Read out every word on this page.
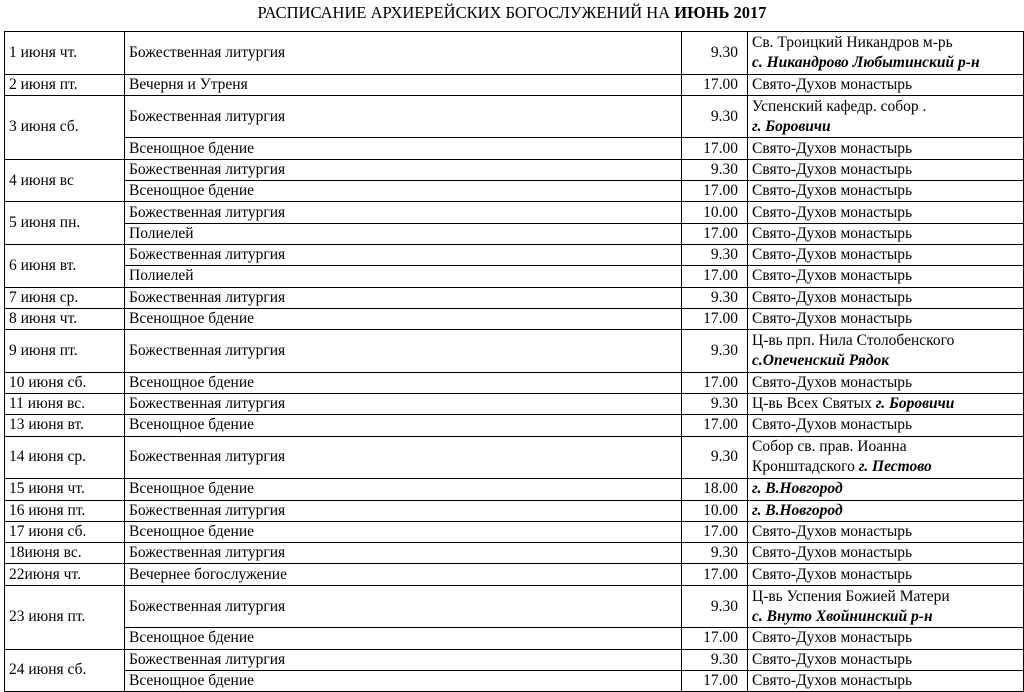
РАСПИСАНИЕ АРХИЕРЕЙСКИХ БОГОСЛУЖЕНИЙ НА ИЮНЬ 2017
1 июня чт.	Божественная литургия	9.30	Св. Троицкий Никандров м-рь
с. Никандрово Любытинский р-н

2 июня пт.	Вечерня и Утреня	17.00	Свято-Духов монастырь

3 июня сб.	Божественная литургия	9.30	Успенский кафедр. собор .
г. Боровичи

	Всенощное бдение	17.00	Свято-Духов монастырь

4 июня вс	Божественная литургия	9.30	Свято-Духов монастырь

	Всенощное бдение	17.00	Свято-Духов монастырь

5 июня пн.	Божественная литургия	10.00	Свято-Духов монастырь

	Полиелей	17.00	Свято-Духов монастырь

6 июня вт.	Божественная литургия	9.30	Свято-Духов монастырь

	Полиелей	17.00	Свято-Духов монастырь

7 июня ср.	Божественная литургия	9.30	Свято-Духов монастырь

8 июня чт.	Всенощное бдение	17.00	Свято-Духов монастырь

9 июня пт.	Божественная литургия	9.30	Ц-вь прп. Нила Столобенского
с.Опеченский Рядок

10 июня сб.	Всенощное бдение	17.00	Свято-Духов монастырь

11 июня вс.	Божественная литургия	9.30	Ц-вь Всех Святых г. Боровичи

13 июня вт.	Всенощное бдение	17.00	Свято-Духов монастырь

14 июня ср.	Божественная литургия	9.30	Собор св. прав. Иоанна
Кронштадского г. Пестово

15 июня чт.	Всенощное бдение	18.00	г. В.Новгород

16 июня пт.	Божественная литургия	10.00	г. В.Новгород

17 июня сб.	Всенощное бдение	17.00	Свято-Духов монастырь

18июня вс.	Божественная литургия	9.30	Свято-Духов монастырь

22июня чт.	Вечернее богослужение	17.00	Свято-Духов монастырь

23 июня пт.	Божественная литургия	9.30	Ц-вь Успения Божией Матери
с. Внуто Хвойнинский р-н

	Всенощное бдение	17.00	Свято-Духов монастырь

24 июня сб.	Божественная литургия	9.30	Свято-Духов монастырь

	Всенощное бдение	17.00	Свято-Духов монастырь
